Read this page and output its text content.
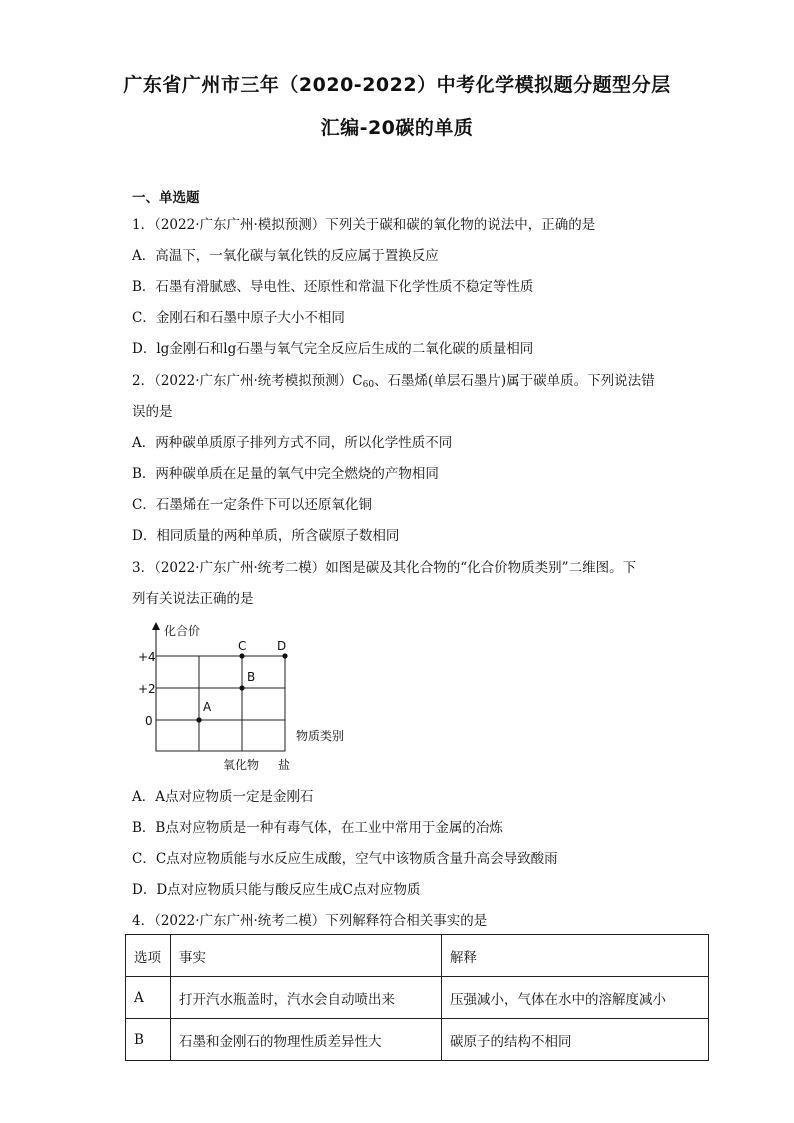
广东省广州市三年（2020-2022）中考化学模拟题分题型分层
汇编-20碳的单质
一、单选题
1．（2022·广东广州·模拟预测）下列关于碳和碳的氧化物的说法中，正确的是
A．高温下，一氧化碳与氧化铁的反应属于置换反应
B．石墨有滑腻感、导电性、还原性和常温下化学性质不稳定等性质
C．金刚石和石墨中原子大小不相同
D．lg金刚石和lg石墨与氧气完全反应后生成的二氧化碳的质量相同
2．（2022·广东广州·统考模拟预测）$C_{60}$、石墨烯(单层石墨片)属于碳单质。下列说法错
误的是
A．两种碳单质原子排列方式不同，所以化学性质不同
B．两种碳单质在足量的氧气中完全燃烧的产物相同
C．石墨烯在一定条件下可以还原氧化铜
D．相同质量的两种单质，所含碳原子数相同
3．（2022·广东广州·统考二模）如图是碳及其化合物的“化合价物质类别”二维图。下
列有关说法正确的是
化合价
+4
+2
0
物质类别
氧化物 盐
A
B
C	D
A．A点对应物质一定是金刚石
B．B点对应物质是一种有毒气体，在工业中常用于金属的冶炼
C．C点对应物质能与水反应生成酸，空气中该物质含量升高会导致酸雨
D．D点对应物质只能与酸反应生成C点对应物质
4．（2022·广东广州·统考二模）下列解释符合相关事实的是
选项	事实	解释
A	打开汽水瓶盖时，汽水会自动喷出来	压强减小，气体在水中的溶解度减小
B	石墨和金刚石的物理性质差异性大	碳原子的结构不相同
